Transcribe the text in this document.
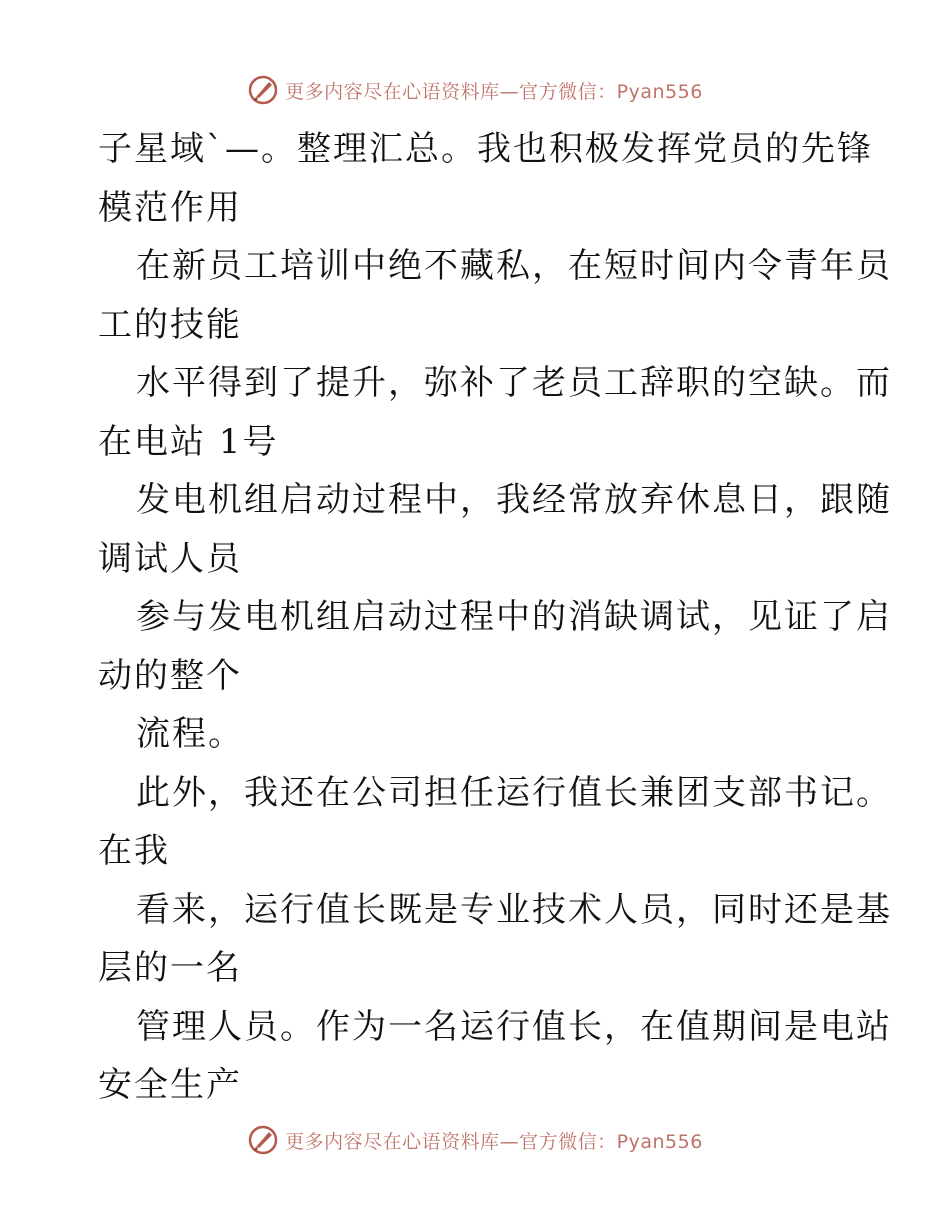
更多内容尽在心语资料库—官方微信：Pyan556
子星域`—。整理汇总。我也积极发挥党员的先锋
模范作用
在新员工培训中绝不藏私，在短时间内令青年员
工的技能
水平得到了提升，弥补了老员工辞职的空缺。而
在电站 1号
发电机组启动过程中，我经常放弃休息日，跟随
调试人员
参与发电机组启动过程中的消缺调试，见证了启
动的整个
流程。
此外，我还在公司担任运行值长兼团支部书记。
在我
看来，运行值长既是专业技术人员，同时还是基
层的一名
管理人员。作为一名运行值长，在值期间是电站
安全生产
更多内容尽在心语资料库—官方微信：Pyan556
